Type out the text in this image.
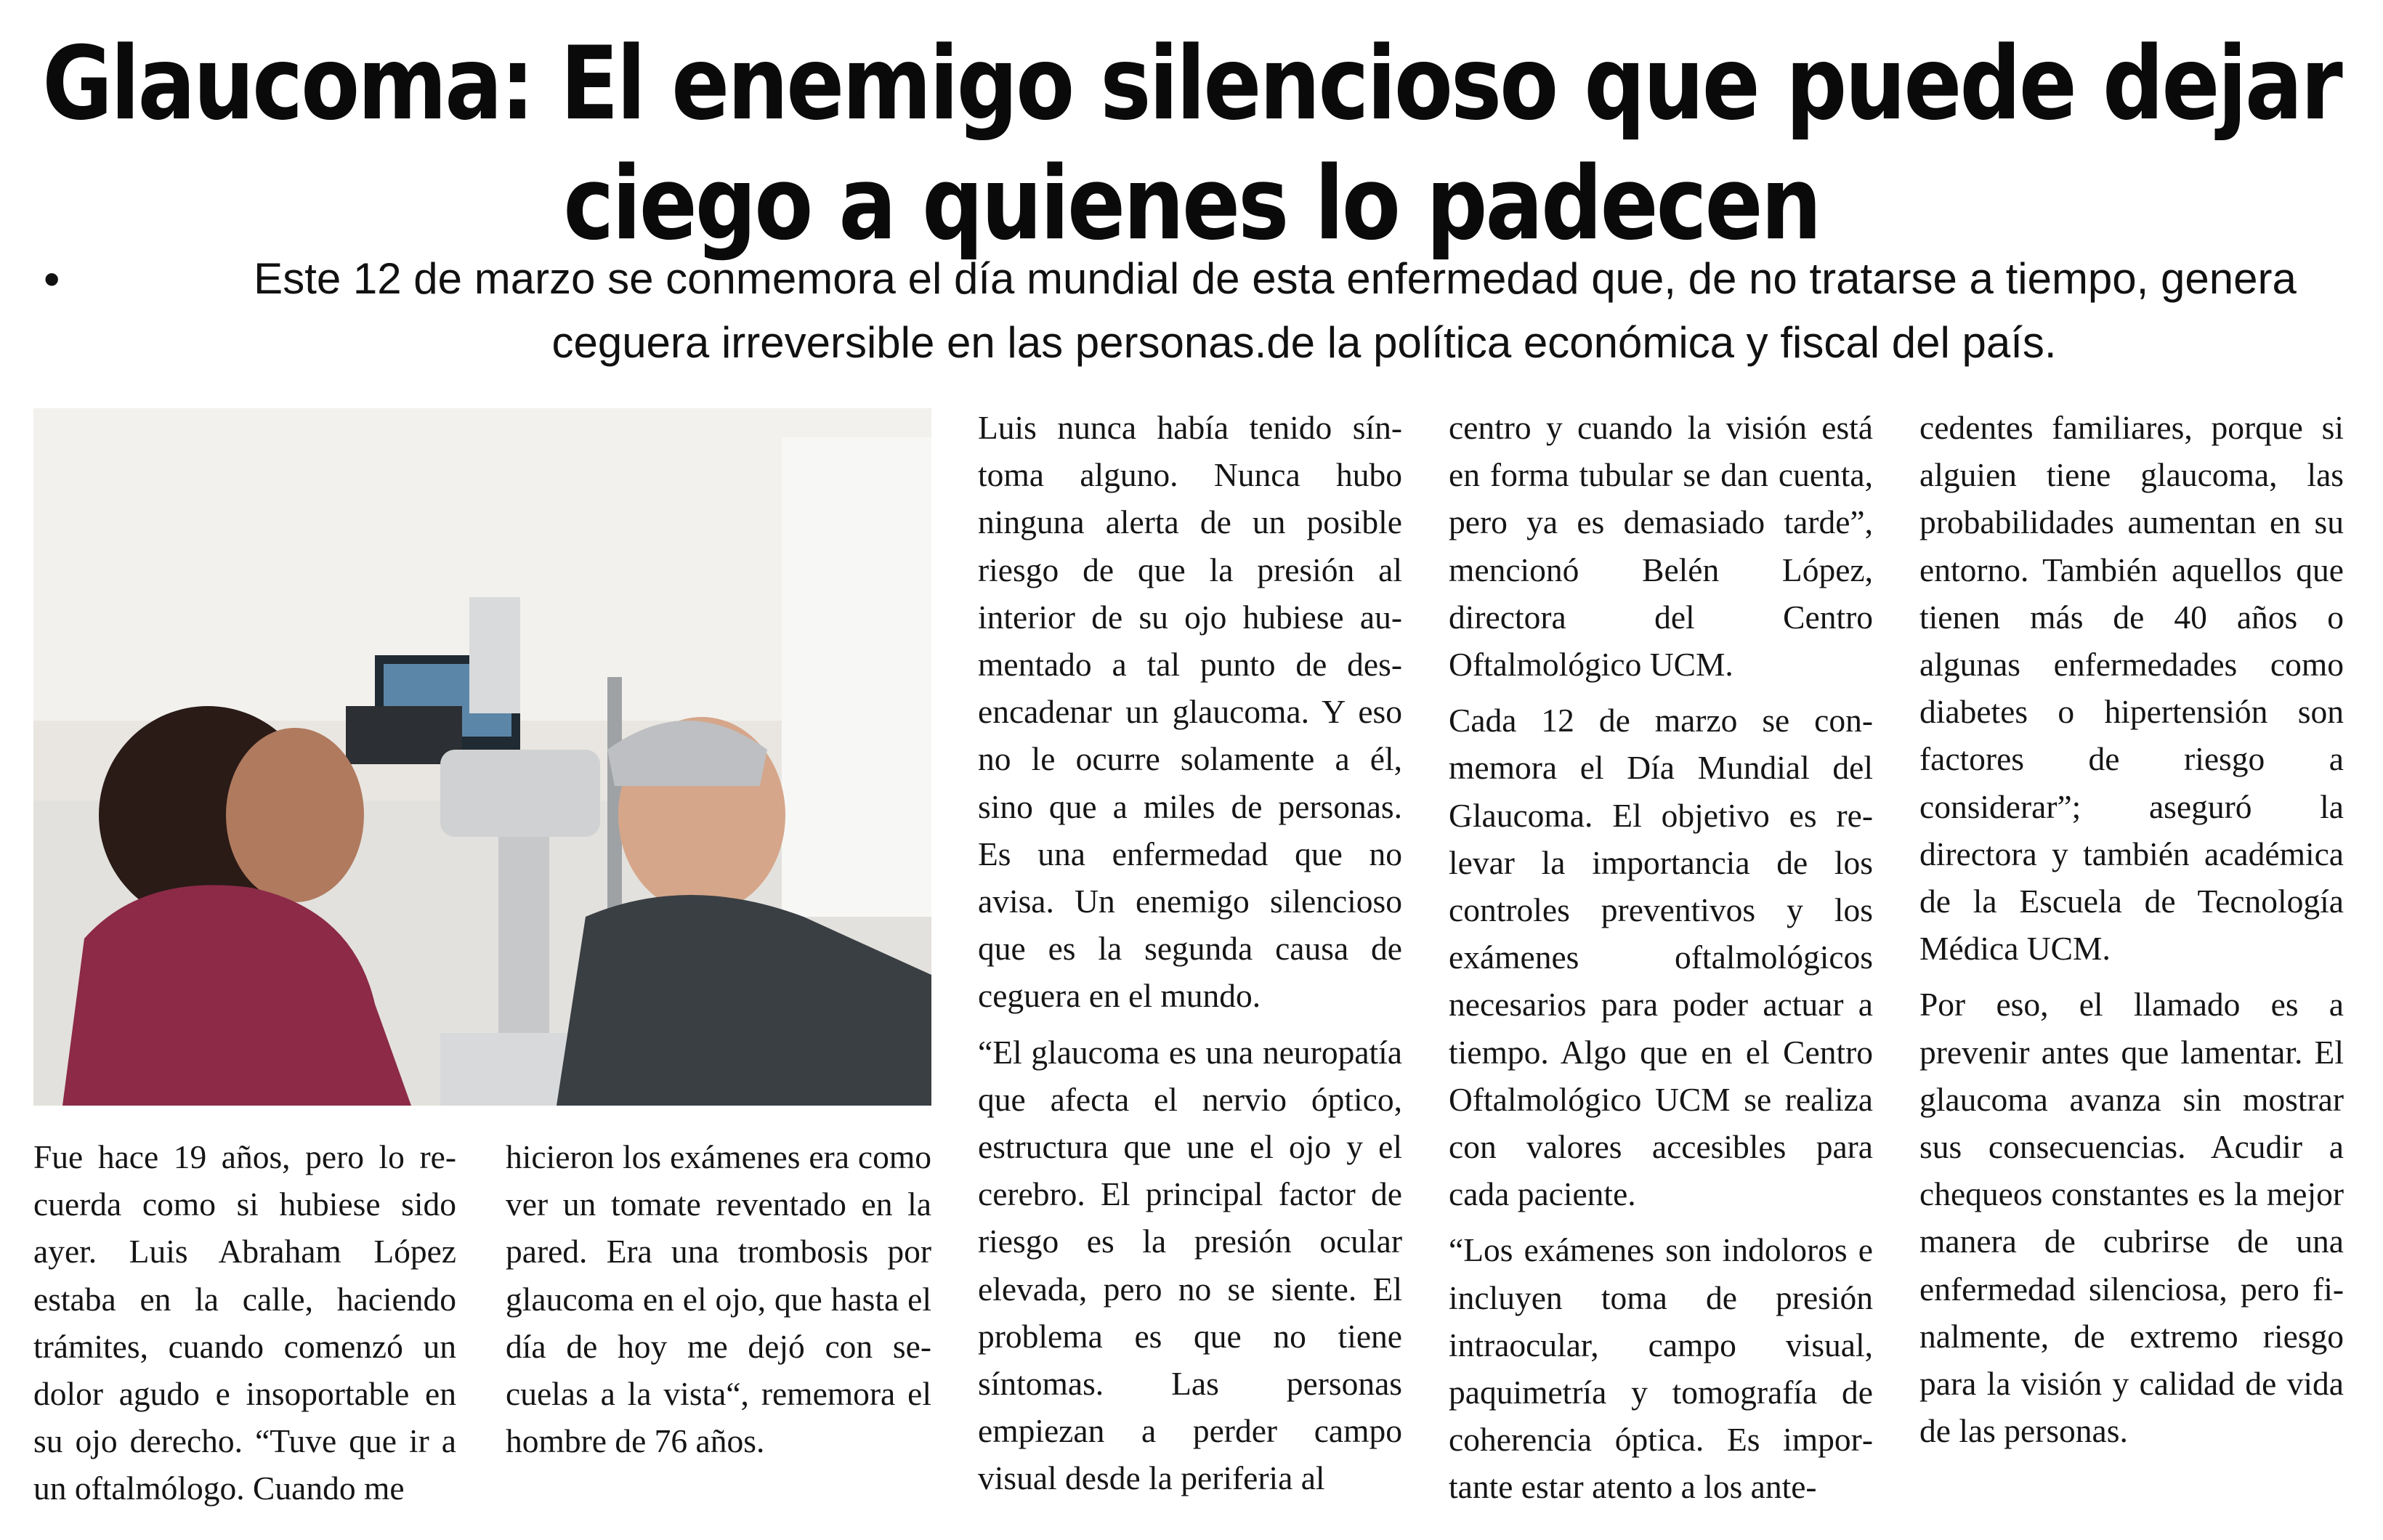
Glaucoma: El enemigo silencioso que puede dejar ciego a quienes lo padecen
•	Este 12 de marzo se conmemora el día mundial de esta enfermedad que, de no tratarse a tiempo, genera ceguera irreversible en las personas.de la política económica y fiscal del país.

Fue hace 19 años, pero lo recuerda como si hubiese sido ayer. Luis Abraham López estaba en la calle, haciendo trámites, cuando comenzó un dolor agudo e insoportable en su ojo derecho. “Tuve que ir a un oftalmólogo. Cuando me

hicieron los exámenes era como ver un tomate reventado en la pared. Era una trombosis por glaucoma en el ojo, que hasta el día de hoy me dejó con secuelas a la vista“, rememora el hombre de 76 años.

Luis nunca había tenido síntoma alguno. Nunca hubo ninguna alerta de un posible riesgo de que la presión al interior de su ojo hubiese aumentado a tal punto de desencadenar un glaucoma. Y eso no le ocurre solamente a él, sino que a miles de personas. Es una enfermedad que no avisa. Un enemigo silencioso que es la segunda causa de ceguera en el mundo.

“El glaucoma es una neuropatía que afecta el nervio óptico, estructura que une el ojo y el cerebro. El principal factor de riesgo es la presión ocular elevada, pero no se siente. El problema es que no tiene síntomas. Las personas empiezan a perder campo visual desde la periferia al

centro y cuando la visión está en forma tubular se dan cuenta, pero ya es demasiado tarde”, mencionó Belén López, directora del Centro Oftalmológico UCM.

Cada 12 de marzo se conmemora el Día Mundial del Glaucoma. El objetivo es relevar la importancia de los controles preventivos y los exámenes oftalmológicos necesarios para poder actuar a tiempo. Algo que en el Centro Oftalmológico UCM se realiza con valores accesibles para cada paciente.

“Los exámenes son indoloros e incluyen toma de presión intraocular, campo visual, paquimetría y tomografía de coherencia óptica. Es importante estar atento a los ante-

cedentes familiares, porque si alguien tiene glaucoma, las probabilidades aumentan en su entorno. También aquellos que tienen más de 40 años o algunas enfermedades como diabetes o hipertensión son factores de riesgo a considerar”; aseguró la directora y también académica de la Escuela de Tecnología Médica UCM.

Por eso, el llamado es a prevenir antes que lamentar. El glaucoma avanza sin mostrar sus consecuencias. Acudir a chequeos constantes es la mejor manera de cubrirse de una enfermedad silenciosa, pero finalmente, de extremo riesgo para la visión y calidad de vida de las personas.
